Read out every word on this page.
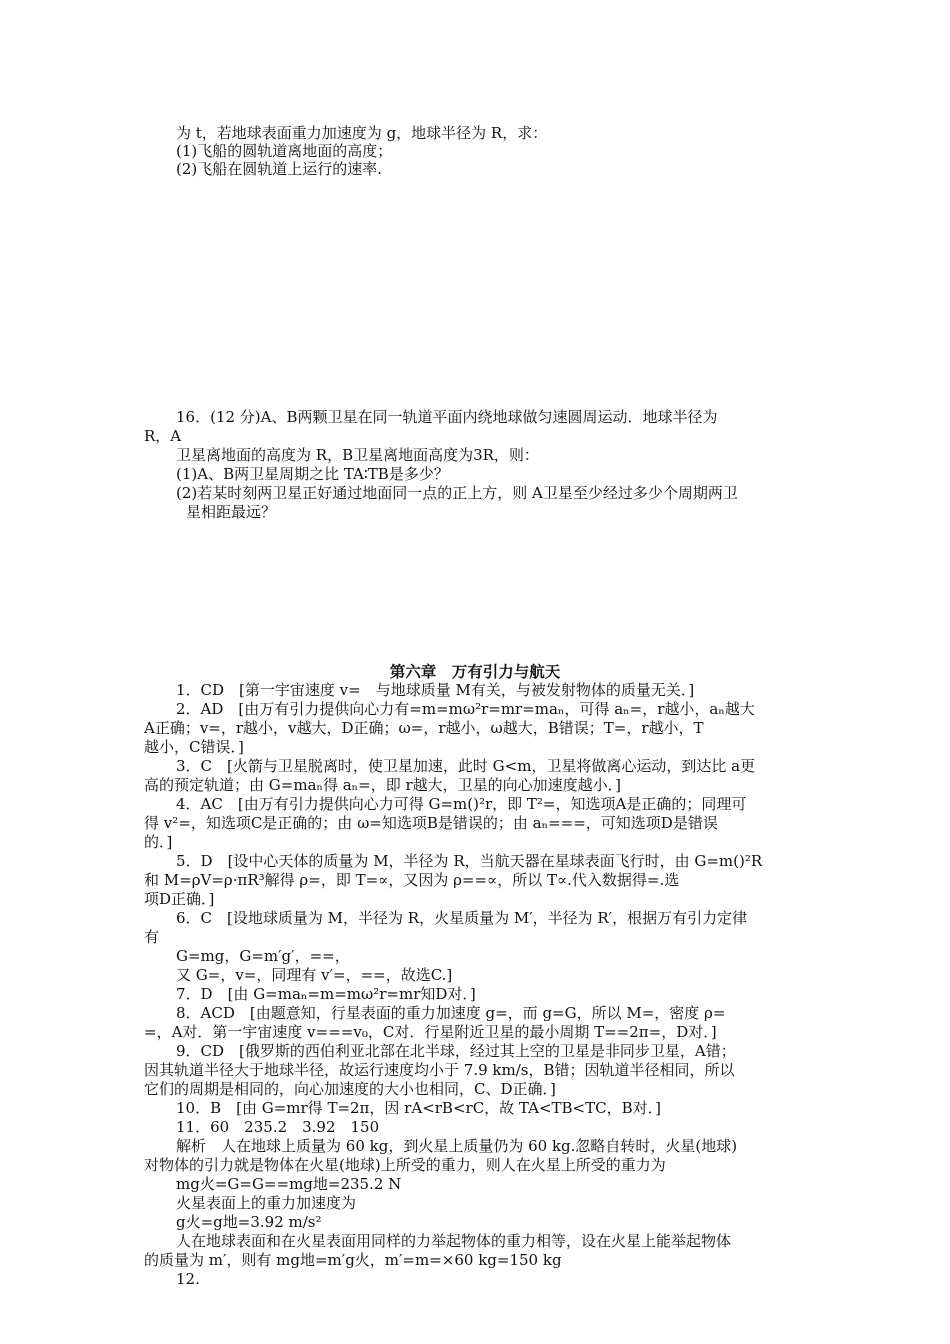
为 t，若地球表面重力加速度为 g，地球半径为 R，求：
(1)飞船的圆轨道离地面的高度；
(2)飞船在圆轨道上运行的速率.
16．(12 分)A、B两颗卫星在同一轨道平面内绕地球做匀速圆周运动．地球半径为
R，A
卫星离地面的高度为 R，B卫星离地面高度为3R，则：
(1)A、B两卫星周期之比 TA∶TB是多少？
(2)若某时刻两卫星正好通过地面同一点的正上方，则 A卫星至少经过多少个周期两卫
星相距最远？
第六章　万有引力与航天
1．CD　[第一宇宙速度 v=　与地球质量 M有关，与被发射物体的质量无关．]
2．AD　[由万有引力提供向心力有=m=mω²r=mr=maₙ，可得 aₙ=，r越小，aₙ越大
A正确；v=，r越小，v越大，D正确；ω=，r越小，ω越大，B错误；T=，r越小，T
越小，C错误．]
3．C　[火箭与卫星脱离时，使卫星加速，此时 G<m，卫星将做离心运动，到达比 a更
高的预定轨道；由 G=maₙ得 aₙ=，即 r越大，卫星的向心加速度越小．]
4．AC　[由万有引力提供向心力可得 G=m()²r，即 T²=，知选项A是正确的；同理可
得 v²=，知选项C是正确的；由 ω=知选项B是错误的；由 aₙ===，可知选项D是错误
的．]
5．D　[设中心天体的质量为 M，半径为 R，当航天器在星球表面飞行时，由 G=m()²R
和 M=ρV=ρ·πR³解得 ρ=，即 T=∝，又因为 ρ==∝，所以 T∝.代入数据得=.选
项D正确．]
6．C　[设地球质量为 M，半径为 R，火星质量为 M′，半径为 R′，根据万有引力定律
有
G=mg，G=m′g′，==，
又 G=，v=，同理有 v′=，==，故选C.]
7．D　[由 G=maₙ=m=mω²r=mr知D对．]
8．ACD　[由题意知，行星表面的重力加速度 g=，而 g=G，所以 M=，密度 ρ=
=，A对．第一宇宙速度 v===v₀，C对．行星附近卫星的最小周期 T==2π=，D对．]
9．CD　[俄罗斯的西伯利亚北部在北半球，经过其上空的卫星是非同步卫星，A错；
因其轨道半径大于地球半径，故运行速度均小于 7.9 km/s，B错；因轨道半径相同，所以
它们的周期是相同的，向心加速度的大小也相同，C、D正确．]
10．B　[由 G=mr得 T=2π，因 rA<rB<rC，故 TA<TB<TC，B对．]
11．60　235.2　3.92　150
解析　人在地球上质量为 60 kg，到火星上质量仍为 60 kg.忽略自转时，火星(地球)
对物体的引力就是物体在火星(地球)上所受的重力，则人在火星上所受的重力为
mg火=G=G==mg地=235.2 N
火星表面上的重力加速度为
g火=g地=3.92 m/s²
人在地球表面和在火星表面用同样的力举起物体的重力相等，设在火星上能举起物体
的质量为 m′，则有 mg地=m′g火，m′=m=×60 kg=150 kg
12.
